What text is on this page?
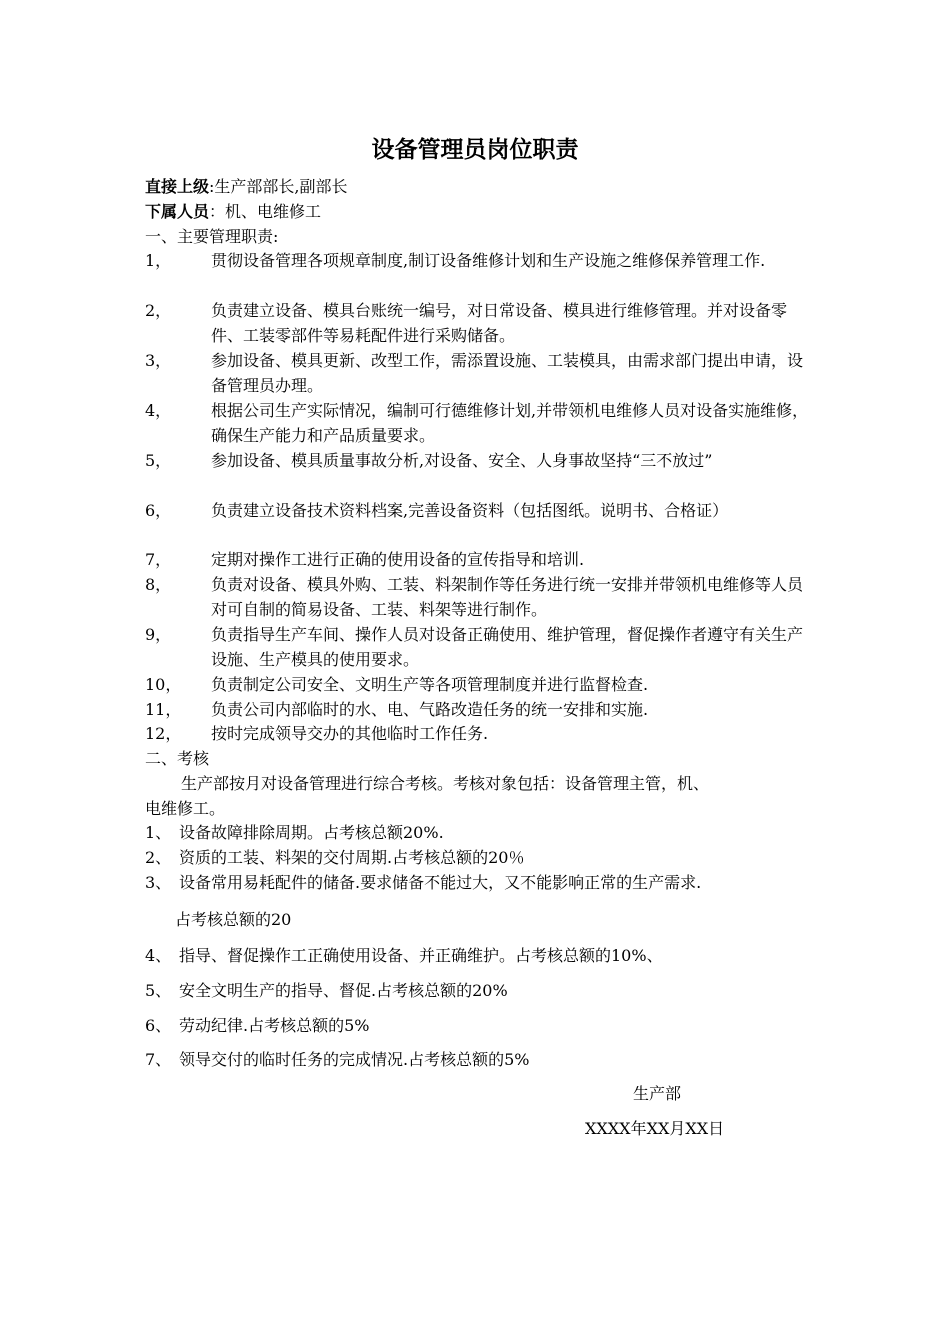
设备管理员岗位职责
直接上级:生产部部长,副部长
下属人员：机、电维修工
一、主要管理职责:
1， 贯彻设备管理各项规章制度,制订设备维修计划和生产设施之维修保养管理工作.
2， 负责建立设备、模具台账统一编号，对日常设备、模具进行维修管理。并对设备零件、工装零部件等易耗配件进行采购储备。
3， 参加设备、模具更新、改型工作，需添置设施、工装模具，由需求部门提出申请，设备管理员办理。
4， 根据公司生产实际情况，编制可行德维修计划,并带领机电维修人员对设备实施维修，确保生产能力和产品质量要求。
5， 参加设备、模具质量事故分析,对设备、安全、人身事故坚持“三不放过”
6， 负责建立设备技术资料档案,完善设备资料（包括图纸。说明书、合格证）
7， 定期对操作工进行正确的使用设备的宣传指导和培训.
8， 负责对设备、模具外购、工装、料架制作等任务进行统一安排并带领机电维修等人员对可自制的简易设备、工装、料架等进行制作。
9， 负责指导生产车间、操作人员对设备正确使用、维护管理，督促操作者遵守有关生产设施、生产模具的使用要求。
10， 负责制定公司安全、文明生产等各项管理制度并进行监督检查.
11， 负责公司内部临时的水、电、气路改造任务的统一安排和实施.
12， 按时完成领导交办的其他临时工作任务.
二、考核
生产部按月对设备管理进行综合考核。考核对象包括：设备管理主管，机、
电维修工。
1、 设备故障排除周期。占考核总额20%.
2、 资质的工装、料架的交付周期.占考核总额的20％
3、 设备常用易耗配件的储备.要求储备不能过大，又不能影响正常的生产需求.
占考核总额的20
4、 指导、督促操作工正确使用设备、并正确维护。占考核总额的10%、
5、 安全文明生产的指导、督促.占考核总额的20%
6、 劳动纪律.占考核总额的5%
7、 领导交付的临时任务的完成情况.占考核总额的5%
生产部
XXXX年XX月XX日
